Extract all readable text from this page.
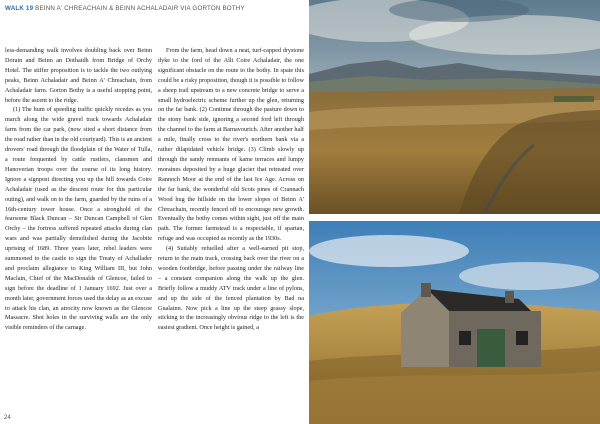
WALK 19 BEINN A' CHREACHAIN & BEINN ACHALADAIR VIA GORTON BOTHY

less-demanding walk involves doubling back over Beinn Dorain and Beinn an Dothaidh from Bridge of Orchy Hotel. The stiffer proposition is to tackle the two outlying peaks, Beinn Achaladair and Beinn A' Chreachain, from Achaladair farm. Gorton Bothy is a useful stopping point, before the ascent to the ridge.

(1) The hum of speeding traffic quickly recedes as you march along the wide gravel track towards Achaladair farm from the car park, (now sited a short distance from the road rather than in the old courtyard). This is an ancient drovers' road through the floodplain of the Water of Tulla, a route frequented by cattle rustlers, clansmen and Hanoverian troops over the course of its long history. Ignore a signpost directing you up the hill towards Coire Achaladair (used as the descent route for this particular outing), and walk on to the farm, guarded by the ruins of a 16th-century tower house. Once a stronghold of the fearsome Black Duncan – Sir Duncan Campbell of Glen Orchy – the fortress suffered repeated attacks during clan wars and was partially demolished during the Jacobite uprising of 1689. Three years later, rebel leaders were summoned to the castle to sign the Treaty of Achallader and proclaim allegiance to King William III, but John Maclain, Chief of the MacDonalds of Glencoe, failed to sign before the deadline of 1 January 1692. Just over a month later, government forces used the delay as an excuse to attack his clan, an atrocity now known as the Glencoe Massacre. Shot holes in the surviving walls are the only visible reminders of the carnage.

From the farm, head down a neat, turf-capped drystone dyke to the ford of the Allt Coire Achaladair, the one significant obstacle on the route to the bothy. In spate this could be a risky proposition, though it is possible to follow a sheep trail upstream to a new concrete bridge to serve a small hydroelectric scheme further up the glen, returning on the far bank. (2) Continue through the pasture down to the stony bank side, ignoring a second ford left through the channel to the farm at Barnavourich. After another half a mile, finally cross to the river's northern bank via a rather dilapidated vehicle bridge. (3) Climb slowly up through the sandy remnants of kame terraces and lumpy moraines deposited by a huge glacier that retreated over Rannoch Moor at the end of the last Ice Age. Across on the far bank, the wonderful old Scots pines of Crannach Wood hug the hillside on the lower slopes of Beinn A' Chreachain, recently fenced off to encourage new growth. Eventually the bothy comes within sight, just off the main path. The former farmstead is a respectable, if spartan, refuge and was occupied as recently as the 1930s.

(4) Suitably refuelled after a well-earned pit stop, return to the main track, crossing back over the river on a wooden footbridge, before passing under the railway line – a constant companion along the walk up the glen. Briefly follow a muddy ATV track under a line of pylons, and up the side of the fenced plantation by Bad na Gualainn. Now pick a line up the steep grassy slope, sticking to the increasingly obvious ridge to the left is the easiest gradient. Once height is gained, a

24
